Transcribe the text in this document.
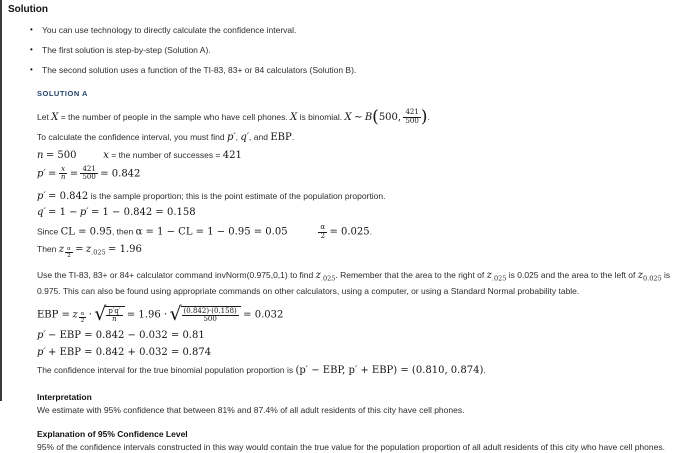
Solution
•	You can use technology to directly calculate the confidence interval.
•	The first solution is step-by-step (Solution A).
•	The second solution uses a function of the TI-83, 83+ or 84 calculators (Solution B).
SOLUTION A
Let X = the number of people in the sample who have cell phones. X is binomial. X ∼ B(500, $\frac{421}{500}$ ).
To calculate the confidence interval, you must find p′, q′, and EBP.
n = 500	x = the number of successes = 421
$p' = \frac{x}{n} = \frac{421}{500} = 0.842$
p′ = 0.842 is the sample proportion; this is the point estimate of the population proportion.
q′ = 1 − p′ = 1 − 0.842 = 0.158
Since CL = 0.95, then α = 1 − CL = 1 − 0.95 = 0.05	$\frac{\alpha}{2} = 0.025$.
Then z $\frac{\alpha}{2} = z_{.025} = 1.96$
Use the TI-83, 83+ or 84+ calculator command invNorm(0.975,0,1) to find $z_{.025}$. Remember that the area to the right of $z_{.025}$ is 0.025 and the area to the left of $z_{0.025}$ is 0.975. This can also be found using appropriate commands on other calculators, using a computer, or using a Standard Normal probability table.
EBP = z $\frac{\alpha}{2}$ · √ $\frac{p'q'}{n} = 1.96$ · √ $\frac{(0.842)\cdot(0.158)}{500} = 0.032$
p′ − EBP = 0.842 − 0.032 = 0.81
p′ + EBP = 0.842 + 0.032 = 0.874
The confidence interval for the true binomial population proportion is (p′ − EBP, p′ + EBP) = (0.810, 0.874).
Interpretation
We estimate with 95% confidence that between 81% and 87.4% of all adult residents of this city have cell phones.
Explanation of 95% Confidence Level
95% of the confidence intervals constructed in this way would contain the true value for the population proportion of all adult residents of this city who have cell phones.
